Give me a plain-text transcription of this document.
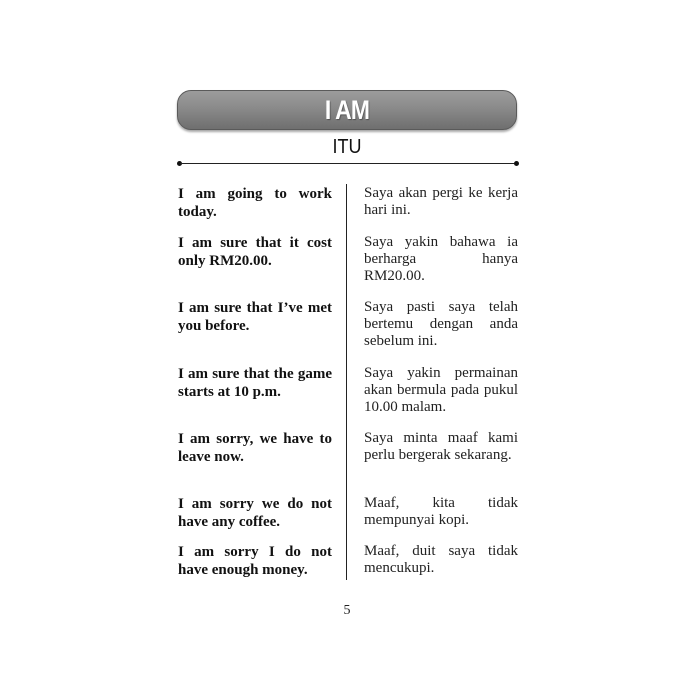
I AM
ITU
I am going to work today.
Saya akan pergi ke kerja hari ini.
I am sure that it cost only RM20.00.
Saya yakin bahawa ia berharga hanya RM20.00.
I am sure that I’ve met you before.
Saya pasti saya telah bertemu dengan anda sebelum ini.
I am sure that the game starts at 10 p.m.
Saya yakin permainan akan bermula pada pukul 10.00 malam.
I am sorry, we have to leave now.
Saya minta maaf kami perlu bergerak sekarang.
I am sorry we do not have any coffee.
Maaf, kita tidak mempunyai kopi.
I am sorry I do not have enough money.
Maaf, duit saya tidak mencukupi.
5
